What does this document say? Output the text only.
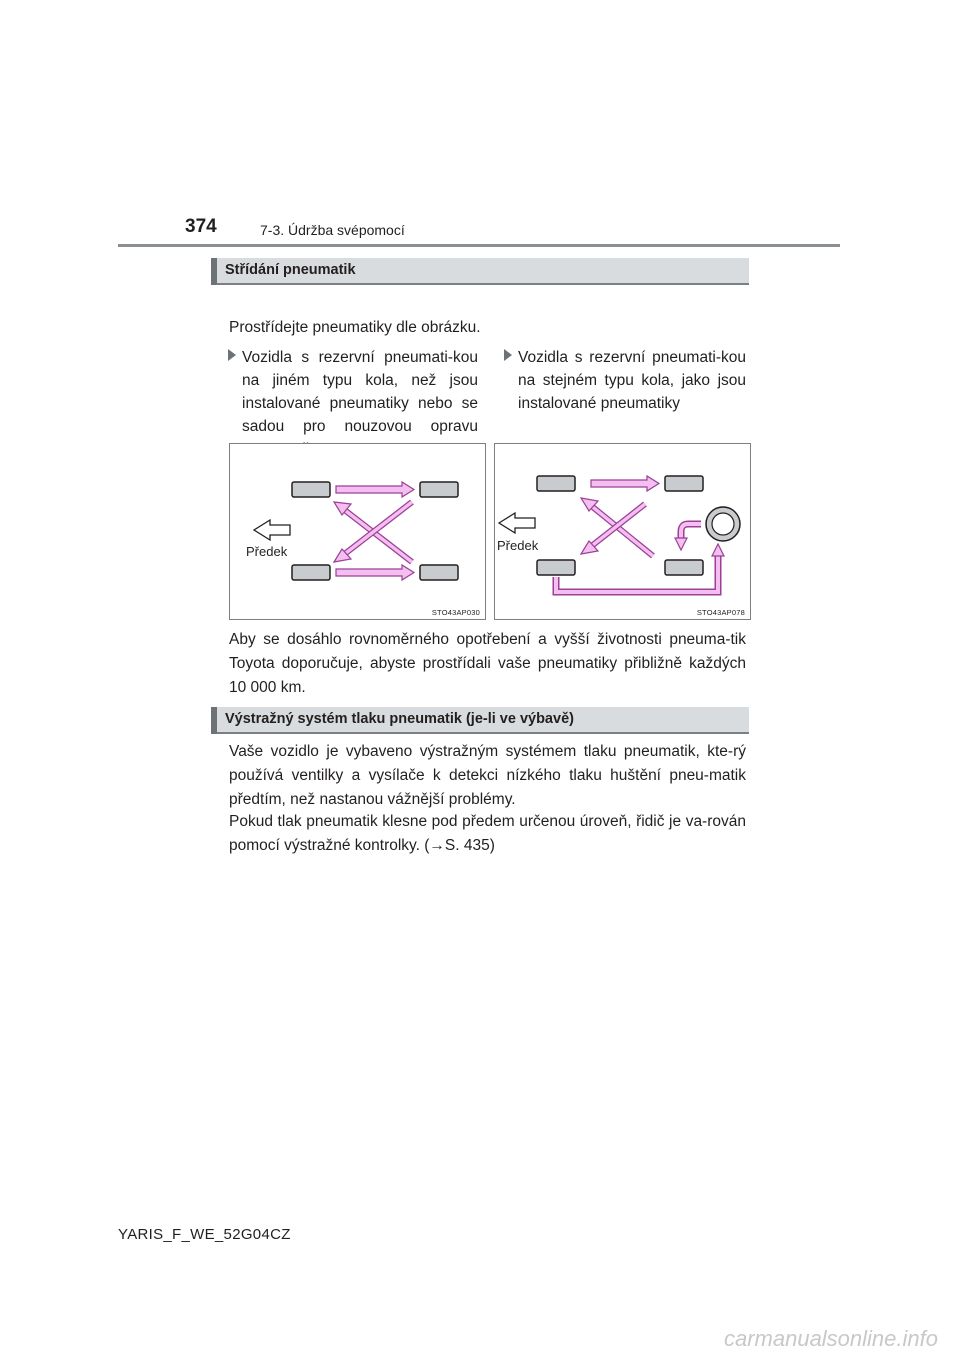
374	7-3. Údržba svépomocí
Střídání pneumatik
Prostřídejte pneumatiky dle obrázku.
Vozidla s rezervní pneumati-kou na jiném typu kola, než jsou instalované pneumatiky nebo se sadou pro nouzovou opravu
Vozidla s rezervní pneumati-kou na stejném typu kola, jako jsou instalované pneumatiky
Předek
STO43AP030
Předek
STO43AP078
Aby se dosáhlo rovnoměrného opotřebení a vyšší životnosti pneuma-tik Toyota doporučuje, abyste prostřídali vaše pneumatiky přibližně každých 10 000 km.
Výstražný systém tlaku pneumatik (je-li ve výbavě)
Vaše vozidlo je vybaveno výstražným systémem tlaku pneumatik, kte-rý používá ventilky a vysílače k detekci nízkého tlaku huštění pneu-matik předtím, než nastanou vážnější problémy.
Pokud tlak pneumatik klesne pod předem určenou úroveň, řidič je va-rován pomocí výstražné kontrolky. (→S. 435)
YARIS_F_WE_52G04CZ
carmanualsonline.info
